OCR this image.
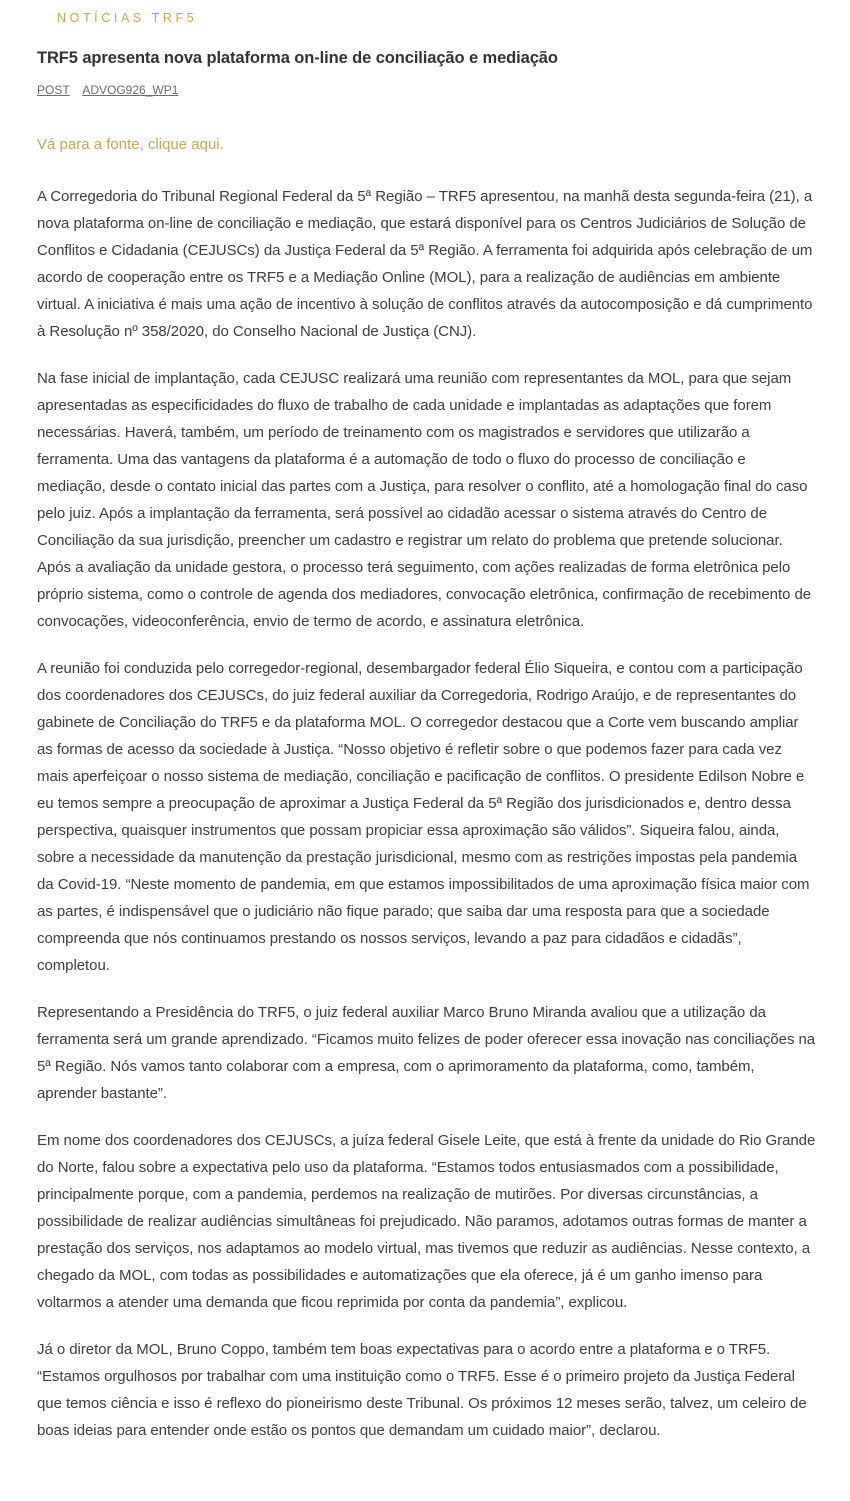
NOTÍCIAS TRF5
TRF5 apresenta nova plataforma on-line de conciliação e mediação
POST ADVOG926_WP1
Vá para a fonte, clique aqui.

A Corregedoria do Tribunal Regional Federal da 5ª Região – TRF5 apresentou, na manhã desta segunda-feira (21), a nova plataforma on-line de conciliação e mediação, que estará disponível para os Centros Judiciários de Solução de Conflitos e Cidadania (CEJUSCs) da Justiça Federal da 5ª Região. A ferramenta foi adquirida após celebração de um acordo de cooperação entre os TRF5 e a Mediação Online (MOL), para a realização de audiências em ambiente virtual. A iniciativa é mais uma ação de incentivo à solução de conflitos através da autocomposição e dá cumprimento à Resolução nº 358/2020, do Conselho Nacional de Justiça (CNJ).

Na fase inicial de implantação, cada CEJUSC realizará uma reunião com representantes da MOL, para que sejam apresentadas as especificidades do fluxo de trabalho de cada unidade e implantadas as adaptações que forem necessárias. Haverá, também, um período de treinamento com os magistrados e servidores que utilizarão a ferramenta. Uma das vantagens da plataforma é a automação de todo o fluxo do processo de conciliação e mediação, desde o contato inicial das partes com a Justiça, para resolver o conflito, até a homologação final do caso pelo juiz. Após a implantação da ferramenta, será possível ao cidadão acessar o sistema através do Centro de Conciliação da sua jurisdição, preencher um cadastro e registrar um relato do problema que pretende solucionar. Após a avaliação da unidade gestora, o processo terá seguimento, com ações realizadas de forma eletrônica pelo próprio sistema, como o controle de agenda dos mediadores, convocação eletrônica, confirmação de recebimento de convocações, videoconferência, envio de termo de acordo, e assinatura eletrônica.

A reunião foi conduzida pelo corregedor-regional, desembargador federal Élio Siqueira, e contou com a participação dos coordenadores dos CEJUSCs, do juiz federal auxiliar da Corregedoria, Rodrigo Araújo, e de representantes do gabinete de Conciliação do TRF5 e da plataforma MOL. O corregedor destacou que a Corte vem buscando ampliar as formas de acesso da sociedade à Justiça. “Nosso objetivo é refletir sobre o que podemos fazer para cada vez mais aperfeiçoar o nosso sistema de mediação, conciliação e pacificação de conflitos. O presidente Edilson Nobre e eu temos sempre a preocupação de aproximar a Justiça Federal da 5ª Região dos jurisdicionados e, dentro dessa perspectiva, quaisquer instrumentos que possam propiciar essa aproximação são válidos”. Siqueira falou, ainda, sobre a necessidade da manutenção da prestação jurisdicional, mesmo com as restrições impostas pela pandemia da Covid-19. “Neste momento de pandemia, em que estamos impossibilitados de uma aproximação física maior com as partes, é indispensável que o judiciário não fique parado; que saiba dar uma resposta para que a sociedade compreenda que nós continuamos prestando os nossos serviços, levando a paz para cidadãos e cidadãs”, completou.

Representando a Presidência do TRF5, o juiz federal auxiliar Marco Bruno Miranda avaliou que a utilização da ferramenta será um grande aprendizado. “Ficamos muito felizes de poder oferecer essa inovação nas conciliações na 5ª Região. Nós vamos tanto colaborar com a empresa, com o aprimoramento da plataforma, como, também, aprender bastante”.

Em nome dos coordenadores dos CEJUSCs, a juíza federal Gisele Leite, que está à frente da unidade do Rio Grande do Norte, falou sobre a expectativa pelo uso da plataforma. “Estamos todos entusiasmados com a possibilidade, principalmente porque, com a pandemia, perdemos na realização de mutirões. Por diversas circunstâncias, a possibilidade de realizar audiências simultâneas foi prejudicado. Não paramos, adotamos outras formas de manter a prestação dos serviços, nos adaptamos ao modelo virtual, mas tivemos que reduzir as audiências. Nesse contexto, a chegado da MOL, com todas as possibilidades e automatizações que ela oferece, já é um ganho imenso para voltarmos a atender uma demanda que ficou reprimida por conta da pandemia”, explicou.

Já o diretor da MOL, Bruno Coppo, também tem boas expectativas para o acordo entre a plataforma e o TRF5. “Estamos orgulhosos por trabalhar com uma instituição como o TRF5. Esse é o primeiro projeto da Justiça Federal que temos ciência e isso é reflexo do pioneirismo deste Tribunal. Os próximos 12 meses serão, talvez, um celeiro de boas ideias para entender onde estão os pontos que demandam um cuidado maior”, declarou.
